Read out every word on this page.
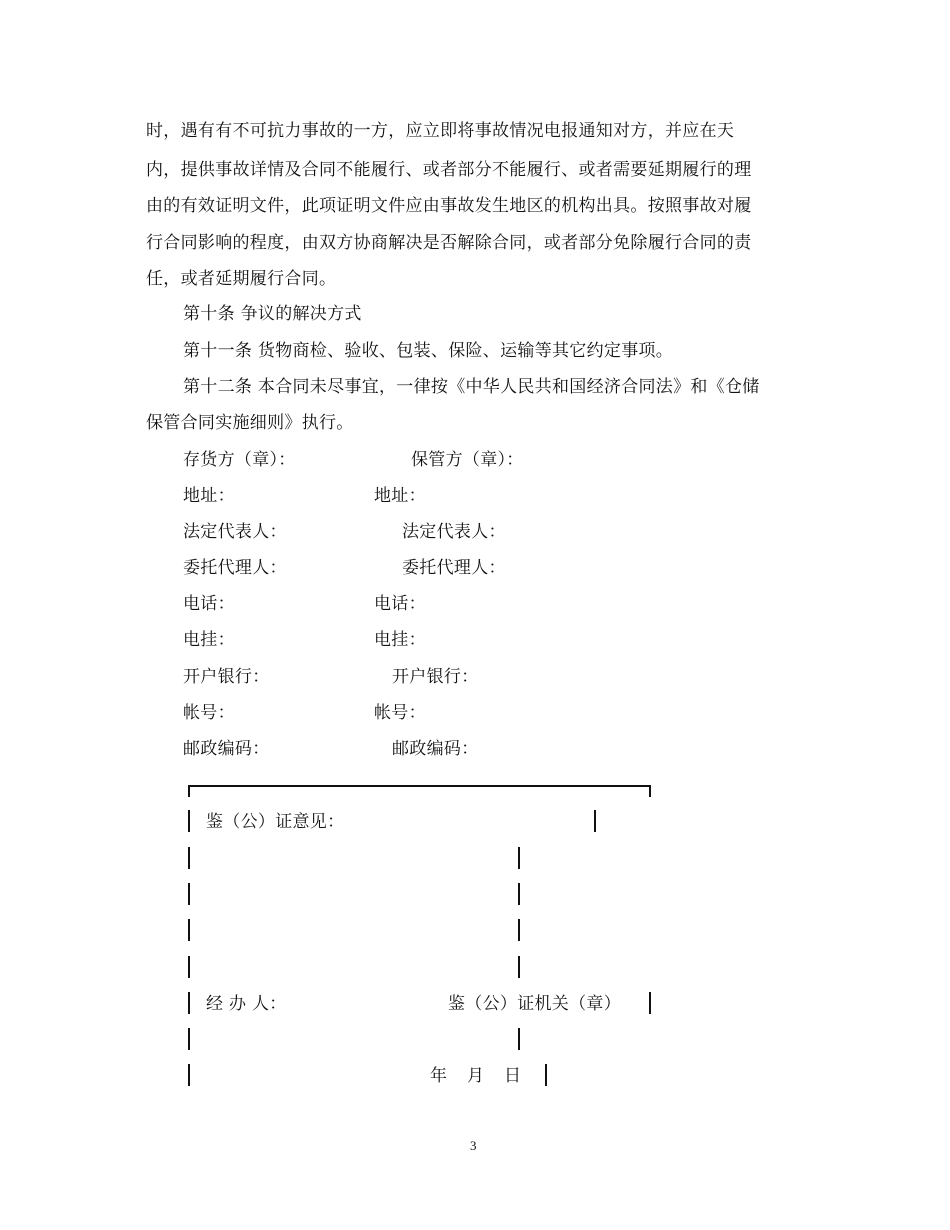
时，遇有有不可抗力事故的一方，应立即将事故情况电报通知对方，并应在天
内，提供事故详情及合同不能履行、或者部分不能履行、或者需要延期履行的理
由的有效证明文件，此项证明文件应由事故发生地区的机构出具。按照事故对履
行合同影响的程度，由双方协商解决是否解除合同，或者部分免除履行合同的责
任，或者延期履行合同。
第十条 争议的解决方式
第十一条 货物商检、验收、包装、保险、运输等其它约定事项。
第十二条 本合同未尽事宜，一律按《中华人民共和国经济合同法》和《仓储
保管合同实施细则》执行。
存货方（章）：	保管方（章）：
地址：	地址：
法定代表人：	法定代表人：
委托代理人：	委托代理人：
电话：	电话：
电挂：	电挂：
开户银行：	开户银行：
帐号：	帐号：
邮政编码：	邮政编码：
鉴（公）证意见：
经 办 人：	鉴（公）证机关（章）
年 月 日
3
